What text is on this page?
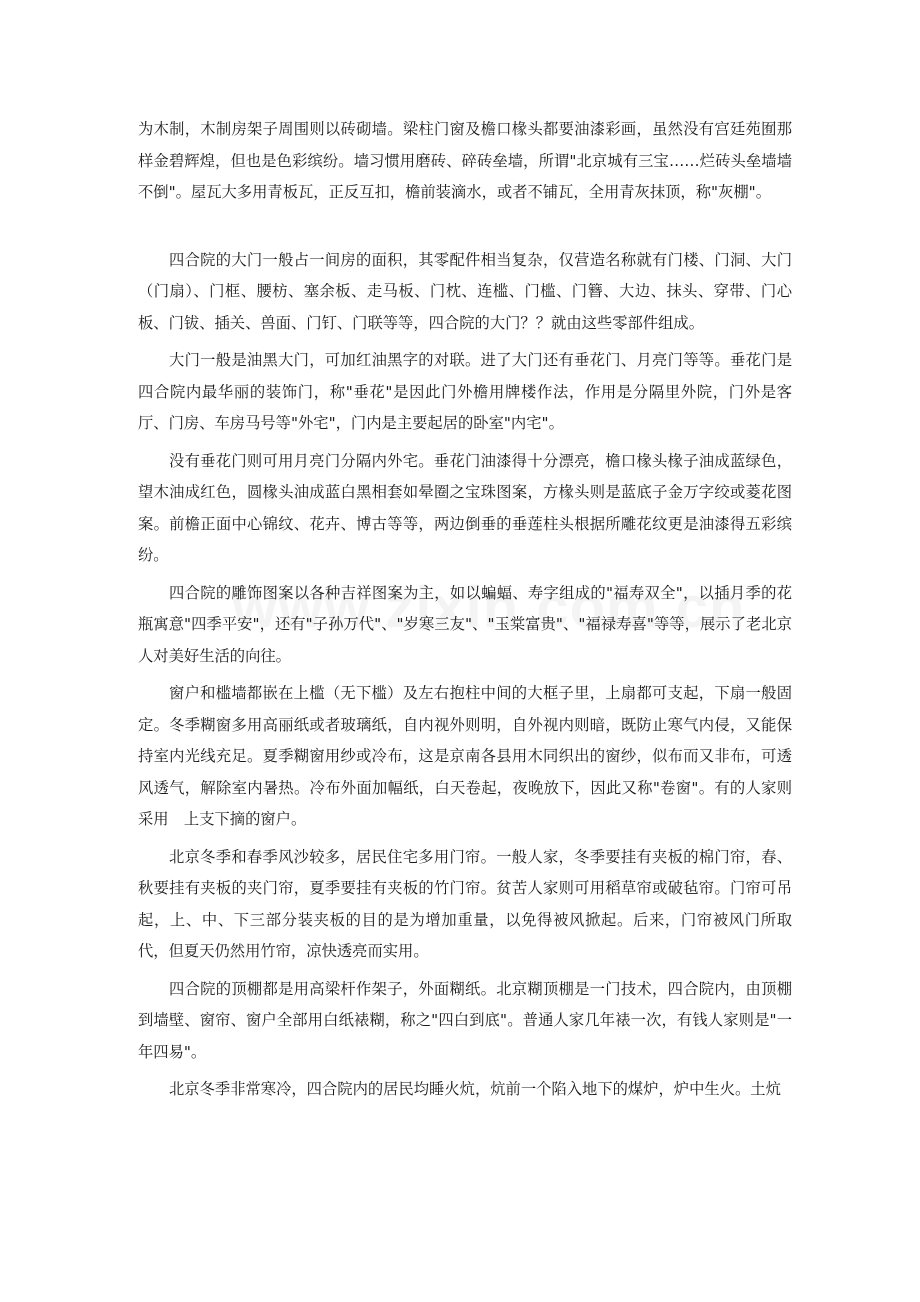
为木制，木制房架子周围则以砖砌墙。梁柱门窗及檐口椽头都要油漆彩画，虽然没有宫廷苑囿那样金碧辉煌，但也是色彩缤纷。墙习惯用磨砖、碎砖垒墙，所谓"北京城有三宝……烂砖头垒墙墙不倒"。屋瓦大多用青板瓦，正反互扣，檐前装滴水，或者不铺瓦，全用青灰抹顶，称"灰棚"。

四合院的大门一般占一间房的面积，其零配件相当复杂，仅营造名称就有门楼、门洞、大门（门扇）、门框、腰枋、塞余板、走马板、门枕、连槛、门槛、门簪、大边、抹头、穿带、门心板、门钹、插关、兽面、门钉、门联等等，四合院的大门？？就由这些零部件组成。

大门一般是油黑大门，可加红油黑字的对联。进了大门还有垂花门、月亮门等等。垂花门是四合院内最华丽的装饰门，称"垂花"是因此门外檐用牌楼作法，作用是分隔里外院，门外是客厅、门房、车房马号等"外宅"，门内是主要起居的卧室"内宅"。

没有垂花门则可用月亮门分隔内外宅。垂花门油漆得十分漂亮，檐口椽头椽子油成蓝绿色，望木油成红色，圆椽头油成蓝白黑相套如晕圈之宝珠图案，方椽头则是蓝底子金万字绞或菱花图案。前檐正面中心锦纹、花卉、博古等等，两边倒垂的垂莲柱头根据所雕花纹更是油漆得五彩缤纷。

四合院的雕饰图案以各种吉祥图案为主，如以蝙蝠、寿字组成的"福寿双全"，以插月季的花瓶寓意"四季平安"，还有"子孙万代"、"岁寒三友"、"玉棠富贵"、"福禄寿喜"等等，展示了老北京人对美好生活的向往。

窗户和槛墙都嵌在上槛（无下槛）及左右抱柱中间的大框子里，上扇都可支起，下扇一般固定。冬季糊窗多用高丽纸或者玻璃纸，自内视外则明，自外视内则暗，既防止寒气内侵，又能保持室内光线充足。夏季糊窗用纱或冷布，这是京南各县用木同织出的窗纱，似布而又非布，可透风透气，解除室内暑热。冷布外面加幅纸，白天卷起，夜晚放下，因此又称"卷窗"。有的人家则采用　上支下摘的窗户。

北京冬季和春季风沙较多，居民住宅多用门帘。一般人家，冬季要挂有夹板的棉门帘，春、秋要挂有夹板的夹门帘，夏季要挂有夹板的竹门帘。贫苦人家则可用稻草帘或破毡帘。门帘可吊起，上、中、下三部分装夹板的目的是为增加重量，以免得被风掀起。后来，门帘被风门所取代，但夏天仍然用竹帘，凉快透亮而实用。

四合院的顶棚都是用高梁杆作架子，外面糊纸。北京糊顶棚是一门技术，四合院内，由顶棚到墙壁、窗帘、窗户全部用白纸裱糊，称之"四白到底"。普通人家几年裱一次，有钱人家则是"一年四易"。

北京冬季非常寒冷，四合院内的居民均睡火炕，炕前一个陷入地下的煤炉，炉中生火。土炕
